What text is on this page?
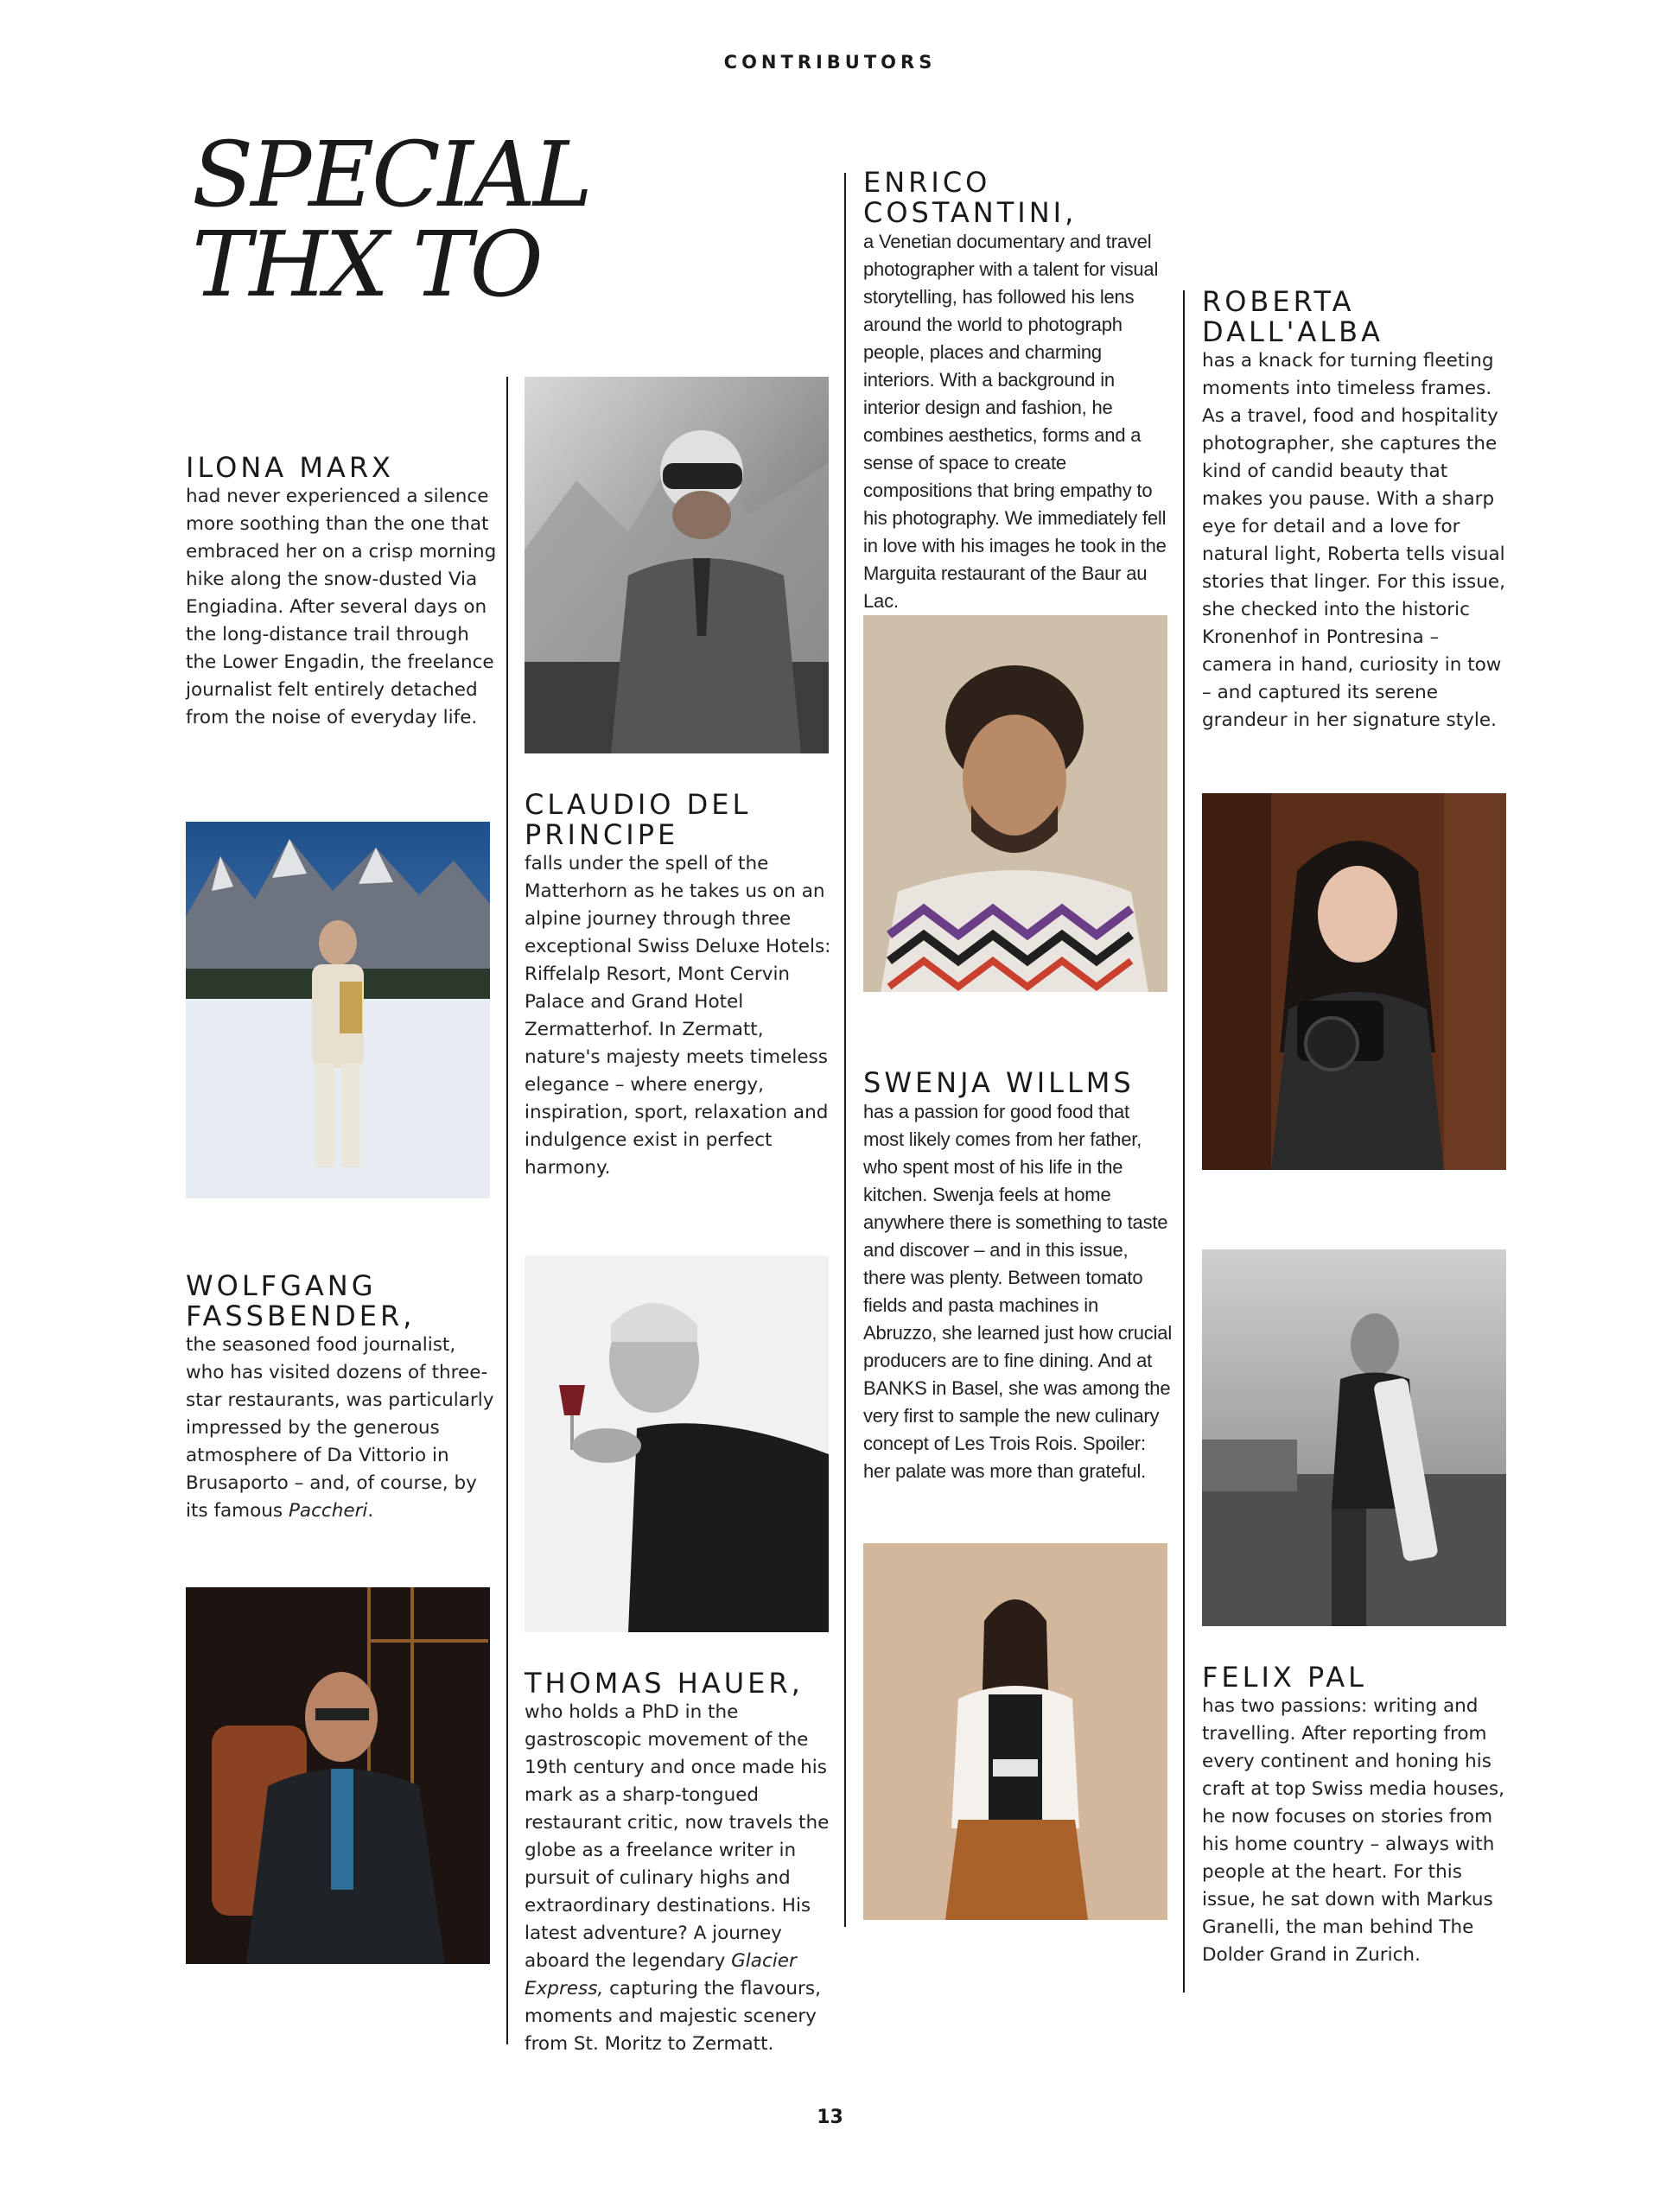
CONTRIBUTORS
SPECIAL
THX TO
ILONA MARX

had never experienced a silence more soothing than the one that embraced her on a crisp morning hike along the snow-dusted Via Engiadina. After several days on the long-distance trail through the Lower Engadin, the freelance journalist felt entirely detached from the noise of everyday life.

WOLFGANG FASSBENDER,

the seasoned food journalist, who has visited dozens of three-star restaurants, was particularly impressed by the generous atmosphere of Da Vittorio in Brusaporto – and, of course, by its famous Paccheri.

CLAUDIO DEL PRINCIPE

falls under the spell of the Matterhorn as he takes us on an alpine journey through three exceptional Swiss Deluxe Hotels: Riffelalp Resort, Mont Cervin Palace and Grand Hotel Zermatterhof. In Zermatt, nature's majesty meets timeless elegance – where energy, inspiration, sport, relaxation and indulgence exist in perfect harmony.

THOMAS HAUER,

who holds a PhD in the gastroscopic movement of the 19th century and once made his mark as a sharp-tongued restaurant critic, now travels the globe as a freelance writer in pursuit of culinary highs and extraordinary destinations. His latest adventure? A journey aboard the legendary Glacier Express, capturing the flavours, moments and majestic scenery from St. Moritz to Zermatt.

ENRICO COSTANTINI,

a Venetian documentary and travel photographer with a talent for visual storytelling, has followed his lens around the world to photograph people, places and charming interiors. With a background in interior design and fashion, he combines aesthetics, forms and a sense of space to create compositions that bring empathy to his photography. We immediately fell in love with his images he took in the Marguita restaurant of the Baur au Lac.

SWENJA WILLMS

has a passion for good food that most likely comes from her father, who spent most of his life in the kitchen. Swenja feels at home anywhere there is something to taste and discover – and in this issue, there was plenty. Between tomato fields and pasta machines in Abruzzo, she learned just how crucial producers are to fine dining. And at BANKS in Basel, she was among the very first to sample the new culinary concept of Les Trois Rois. Spoiler: her palate was more than grateful.

ROBERTA DALL'ALBA

has a knack for turning fleeting moments into timeless frames. As a travel, food and hospitality photographer, she captures the kind of candid beauty that makes you pause. With a sharp eye for detail and a love for natural light, Roberta tells visual stories that linger. For this issue, she checked into the historic Kronenhof in Pontresina – camera in hand, curiosity in tow – and captured its serene grandeur in her signature style.

FELIX PAL

has two passions: writing and travelling. After reporting from every continent and honing his craft at top Swiss media houses, he now focuses on stories from his home country – always with people at the heart. For this issue, he sat down with Markus Granelli, the man behind The Dolder Grand in Zurich.

13
